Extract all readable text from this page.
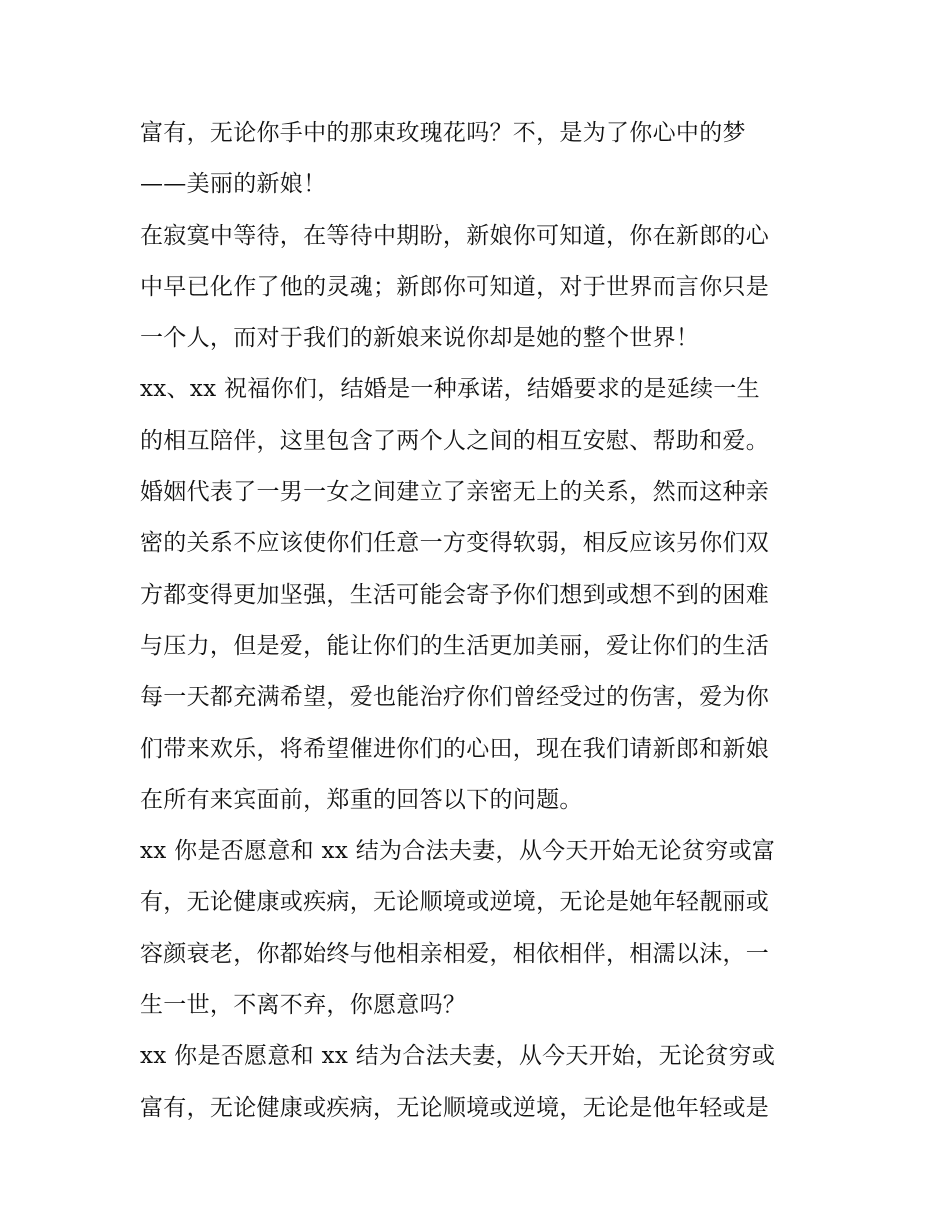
富有，无论你手中的那束玫瑰花吗？不，是为了你心中的梦
——美丽的新娘！
在寂寞中等待，在等待中期盼，新娘你可知道，你在新郎的心
中早已化作了他的灵魂；新郎你可知道，对于世界而言你只是
一个人，而对于我们的新娘来说你却是她的整个世界！
xx、xx 祝福你们，结婚是一种承诺，结婚要求的是延续一生
的相互陪伴，这里包含了两个人之间的相互安慰、帮助和爱。
婚姻代表了一男一女之间建立了亲密无上的关系，然而这种亲
密的关系不应该使你们任意一方变得软弱，相反应该另你们双
方都变得更加坚强，生活可能会寄予你们想到或想不到的困难
与压力，但是爱，能让你们的生活更加美丽，爱让你们的生活
每一天都充满希望，爱也能治疗你们曾经受过的伤害，爱为你
们带来欢乐，将希望催进你们的心田，现在我们请新郎和新娘
在所有来宾面前，郑重的回答以下的问题。
xx 你是否愿意和 xx 结为合法夫妻，从今天开始无论贫穷或富
有，无论健康或疾病，无论顺境或逆境，无论是她年轻靓丽或
容颜衰老，你都始终与他相亲相爱，相依相伴，相濡以沫，一
生一世，不离不弃，你愿意吗？
xx 你是否愿意和 xx 结为合法夫妻，从今天开始，无论贫穷或
富有，无论健康或疾病，无论顺境或逆境，无论是他年轻或是
